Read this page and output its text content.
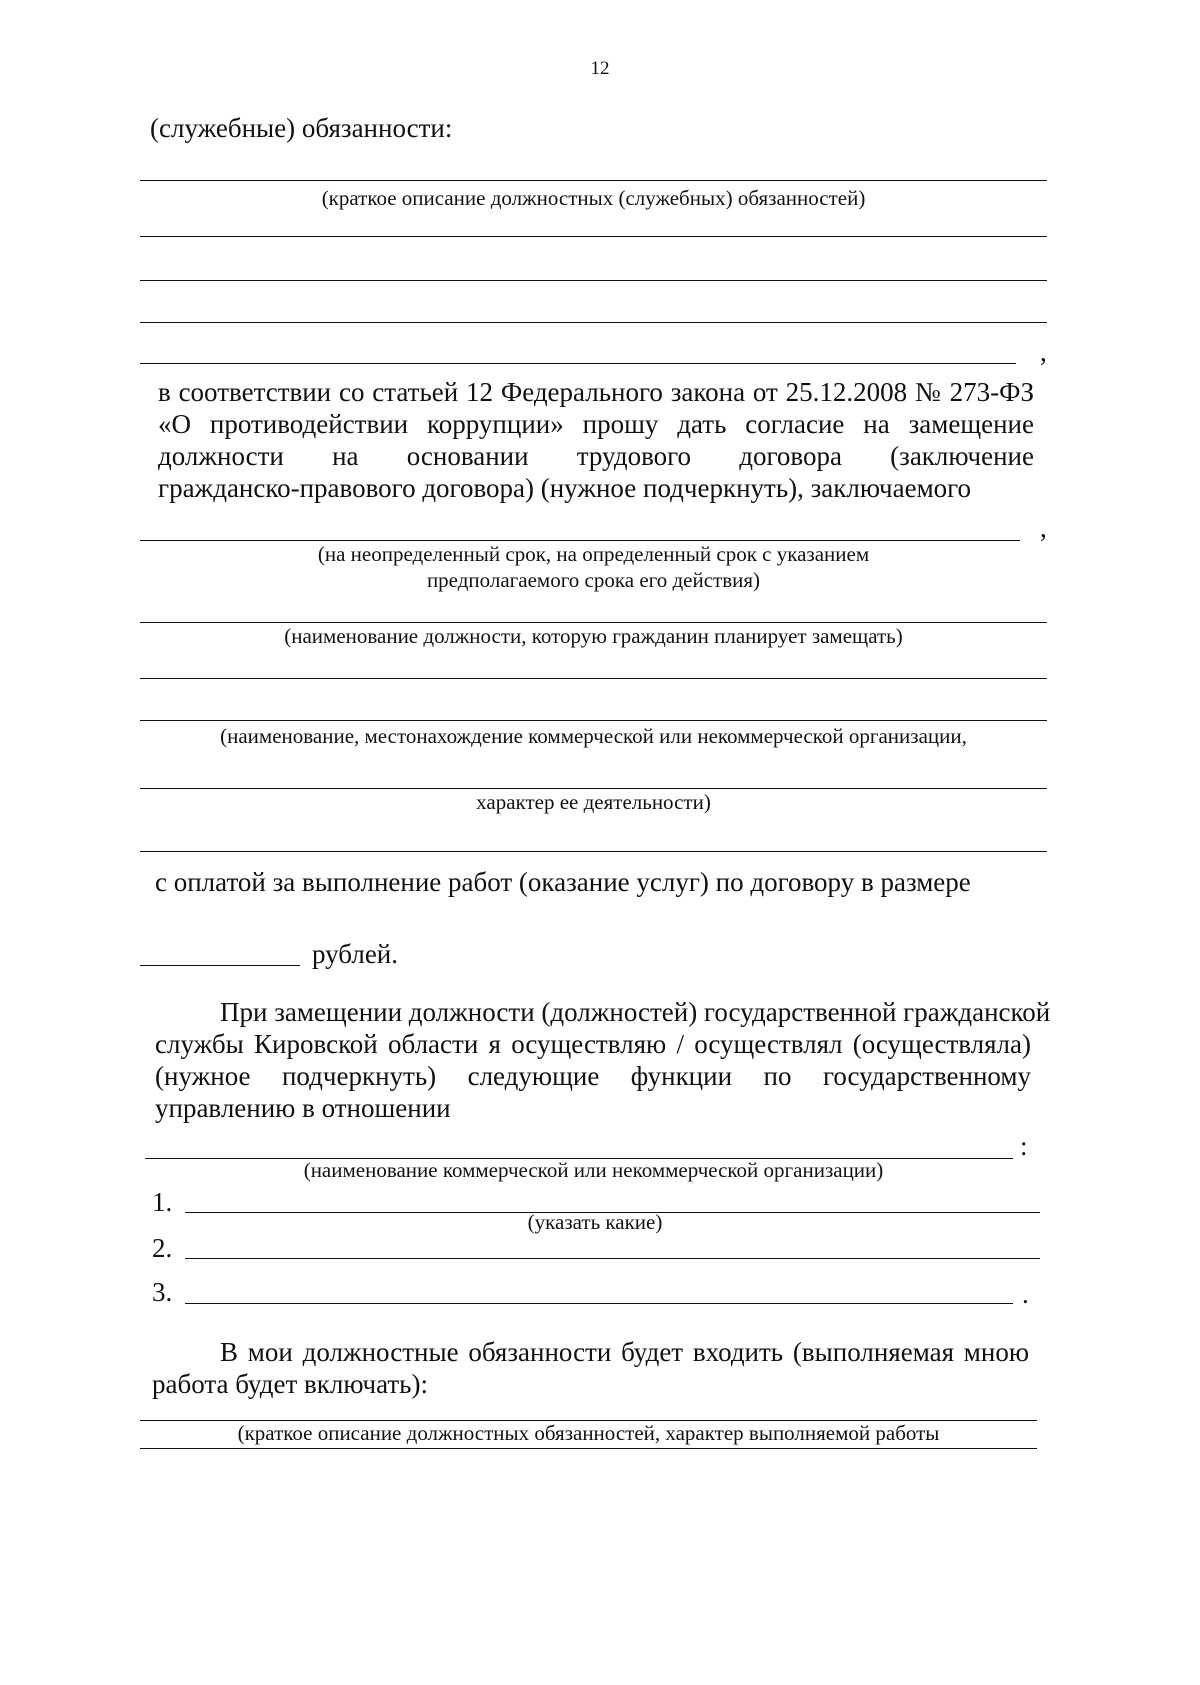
12
(служебные) обязанности:
(краткое описание должностных (служебных) обязанностей)
,
в соответствии со статьей 12 Федерального закона от 25.12.2008 № 273-ФЗ
«О противодействии коррупции» прошу дать согласие на замещение
должности на основании трудового договора (заключение
гражданско-правового договора) (нужное подчеркнуть), заключаемого
,
(на неопределенный срок, на определенный срок с указанием
предполагаемого срока его действия)
(наименование должности, которую гражданин планирует замещать)
(наименование, местонахождение коммерческой или некоммерческой организации,
характер ее деятельности)
с оплатой за выполнение работ (оказание услуг) по договору в размере
рублей.
При замещении должности (должностей) государственной гражданской
службы Кировской области я осуществляю / осуществлял (осуществляла)
(нужное подчеркнуть) следующие функции по государственному
управлению в отношении
:
(наименование коммерческой или некоммерческой организации)
1.
(указать какие)
2.
3.	.
В мои должностные обязанности будет входить (выполняемая мною
работа будет включать):
(краткое описание должностных обязанностей, характер выполняемой работы
